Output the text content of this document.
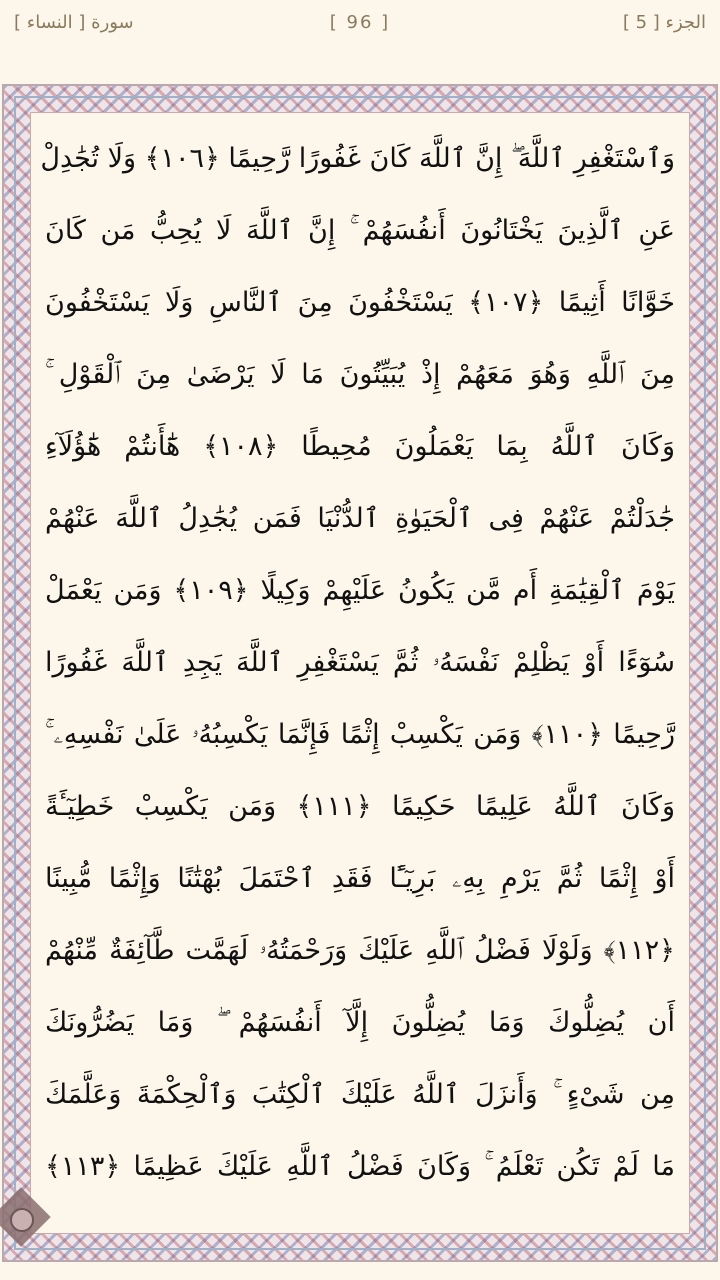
سورة [ النساء ]	[ 96 ]	الجزء [ 5 ]
وَٱسْتَغْفِرِ ٱللَّهَ ۖ إِنَّ ٱللَّهَ كَانَ غَفُورًا رَّحِيمًا ﴿١٠٦﴾ وَلَا تُجَٰدِلْ
عَنِ ٱلَّذِينَ يَخْتَانُونَ أَنفُسَهُمْ ۚ إِنَّ ٱللَّهَ لَا يُحِبُّ مَن كَانَ
خَوَّانًا أَثِيمًا ﴿١٠٧﴾ يَسْتَخْفُونَ مِنَ ٱلنَّاسِ وَلَا يَسْتَخْفُونَ
مِنَ ٱللَّهِ وَهُوَ مَعَهُمْ إِذْ يُبَيِّتُونَ مَا لَا يَرْضَىٰ مِنَ ٱلْقَوْلِ ۚ
وَكَانَ ٱللَّهُ بِمَا يَعْمَلُونَ مُحِيطًا ﴿١٠٨﴾ هَٰٓأَنتُمْ هَٰٓؤُلَآءِ
جَٰدَلْتُمْ عَنْهُمْ فِى ٱلْحَيَوٰةِ ٱلدُّنْيَا فَمَن يُجَٰدِلُ ٱللَّهَ عَنْهُمْ
يَوْمَ ٱلْقِيَٰمَةِ أَم مَّن يَكُونُ عَلَيْهِمْ وَكِيلًا ﴿١٠٩﴾ وَمَن يَعْمَلْ
سُوٓءًا أَوْ يَظْلِمْ نَفْسَهُۥ ثُمَّ يَسْتَغْفِرِ ٱللَّهَ يَجِدِ ٱللَّهَ غَفُورًا
رَّحِيمًا ﴿١١٠﴾ وَمَن يَكْسِبْ إِثْمًا فَإِنَّمَا يَكْسِبُهُۥ عَلَىٰ نَفْسِهِۦ ۚ
وَكَانَ ٱللَّهُ عَلِيمًا حَكِيمًا ﴿١١١﴾ وَمَن يَكْسِبْ خَطِيٓـَٔةً
أَوْ إِثْمًا ثُمَّ يَرْمِ بِهِۦ بَرِيٓـًٔا فَقَدِ ٱحْتَمَلَ بُهْتَٰنًا وَإِثْمًا مُّبِينًا
﴿١١٢﴾ وَلَوْلَا فَضْلُ ٱللَّهِ عَلَيْكَ وَرَحْمَتُهُۥ لَهَمَّت طَّآئِفَةٌ مِّنْهُمْ
أَن يُضِلُّوكَ وَمَا يُضِلُّونَ إِلَّآ أَنفُسَهُمْ ۖ وَمَا يَضُرُّونَكَ
مِن شَىْءٍ ۚ وَأَنزَلَ ٱللَّهُ عَلَيْكَ ٱلْكِتَٰبَ وَٱلْحِكْمَةَ وَعَلَّمَكَ
مَا لَمْ تَكُن تَعْلَمُ ۚ وَكَانَ فَضْلُ ٱللَّهِ عَلَيْكَ عَظِيمًا ﴿١١٣﴾
